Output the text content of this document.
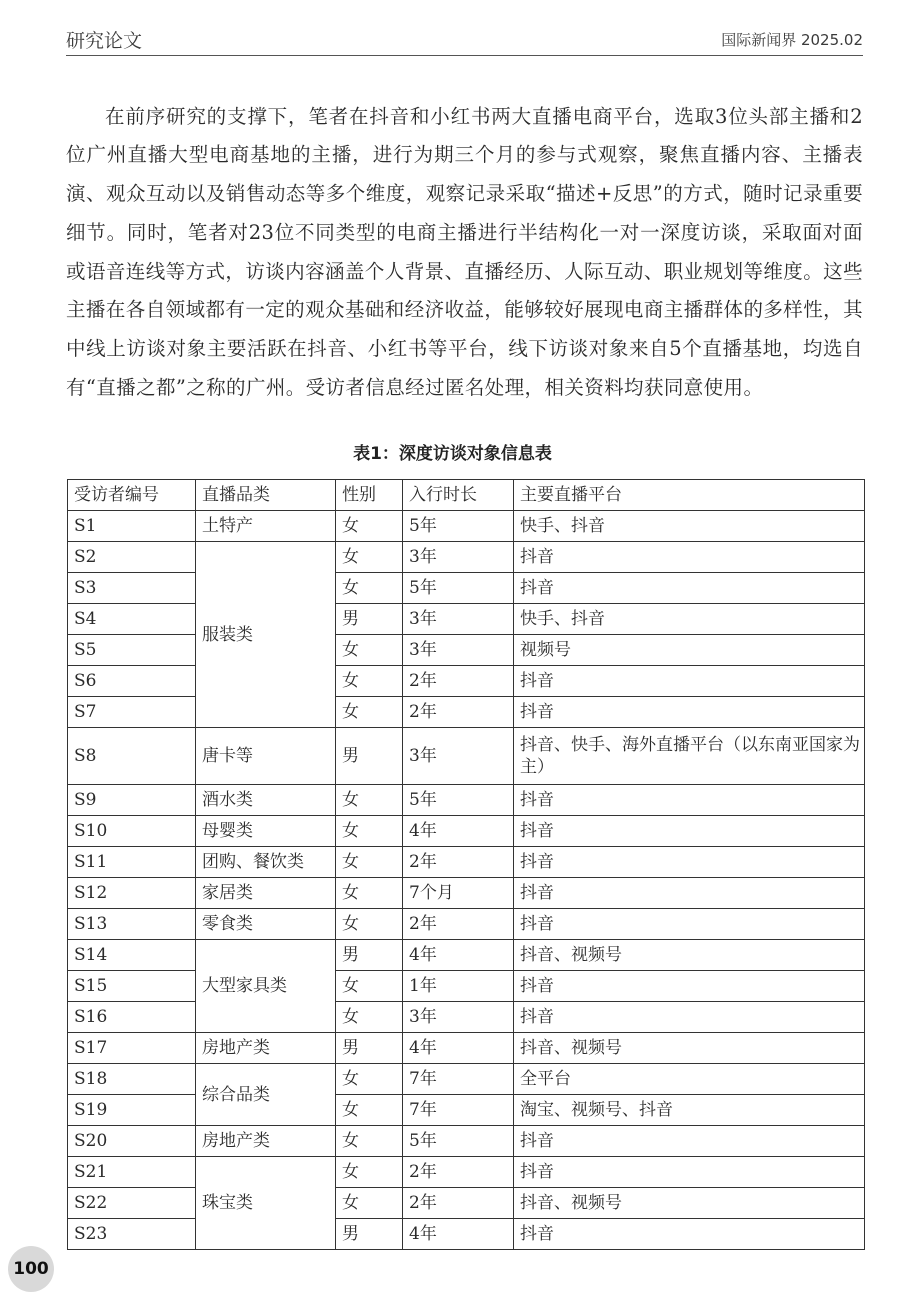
研究论文	国际新闻界 2025.02

在前序研究的支撑下，笔者在抖音和小红书两大直播电商平台，选取3位头部主播和2位广州直播大型电商基地的主播，进行为期三个月的参与式观察，聚焦直播内容、主播表演、观众互动以及销售动态等多个维度，观察记录采取“描述+反思”的方式，随时记录重要细节。同时，笔者对23位不同类型的电商主播进行半结构化一对一深度访谈，采取面对面或语音连线等方式，访谈内容涵盖个人背景、直播经历、人际互动、职业规划等维度。这些主播在各自领域都有一定的观众基础和经济收益，能够较好展现电商主播群体的多样性，其中线上访谈对象主要活跃在抖音、小红书等平台，线下访谈对象来自5个直播基地，均选自有“直播之都”之称的广州。受访者信息经过匿名处理，相关资料均获同意使用。

表1：深度访谈对象信息表
受访者编号	直播品类	性别	入行时长	主要直播平台
S1	土特产	女	5年	快手、抖音
S2	服装类	女	3年	抖音
S3		女	5年	抖音
S4		男	3年	快手、抖音
S5		女	3年	视频号
S6		女	2年	抖音
S7		女	2年	抖音
S8	唐卡等	男	3年	抖音、快手、海外直播平台（以东南亚国家为主）
S9	酒水类	女	5年	抖音
S10	母婴类	女	4年	抖音
S11	团购、餐饮类	女	2年	抖音
S12	家居类	女	7个月	抖音
S13	零食类	女	2年	抖音
S14	大型家具类	男	4年	抖音、视频号
S15		女	1年	抖音
S16		女	3年	抖音
S17	房地产类	男	4年	抖音、视频号
S18	综合品类	女	7年	全平台
S19		女	7年	淘宝、视频号、抖音
S20	房地产类	女	5年	抖音
S21	珠宝类	女	2年	抖音
S22		女	2年	抖音、视频号
S23		男	4年	抖音
100
